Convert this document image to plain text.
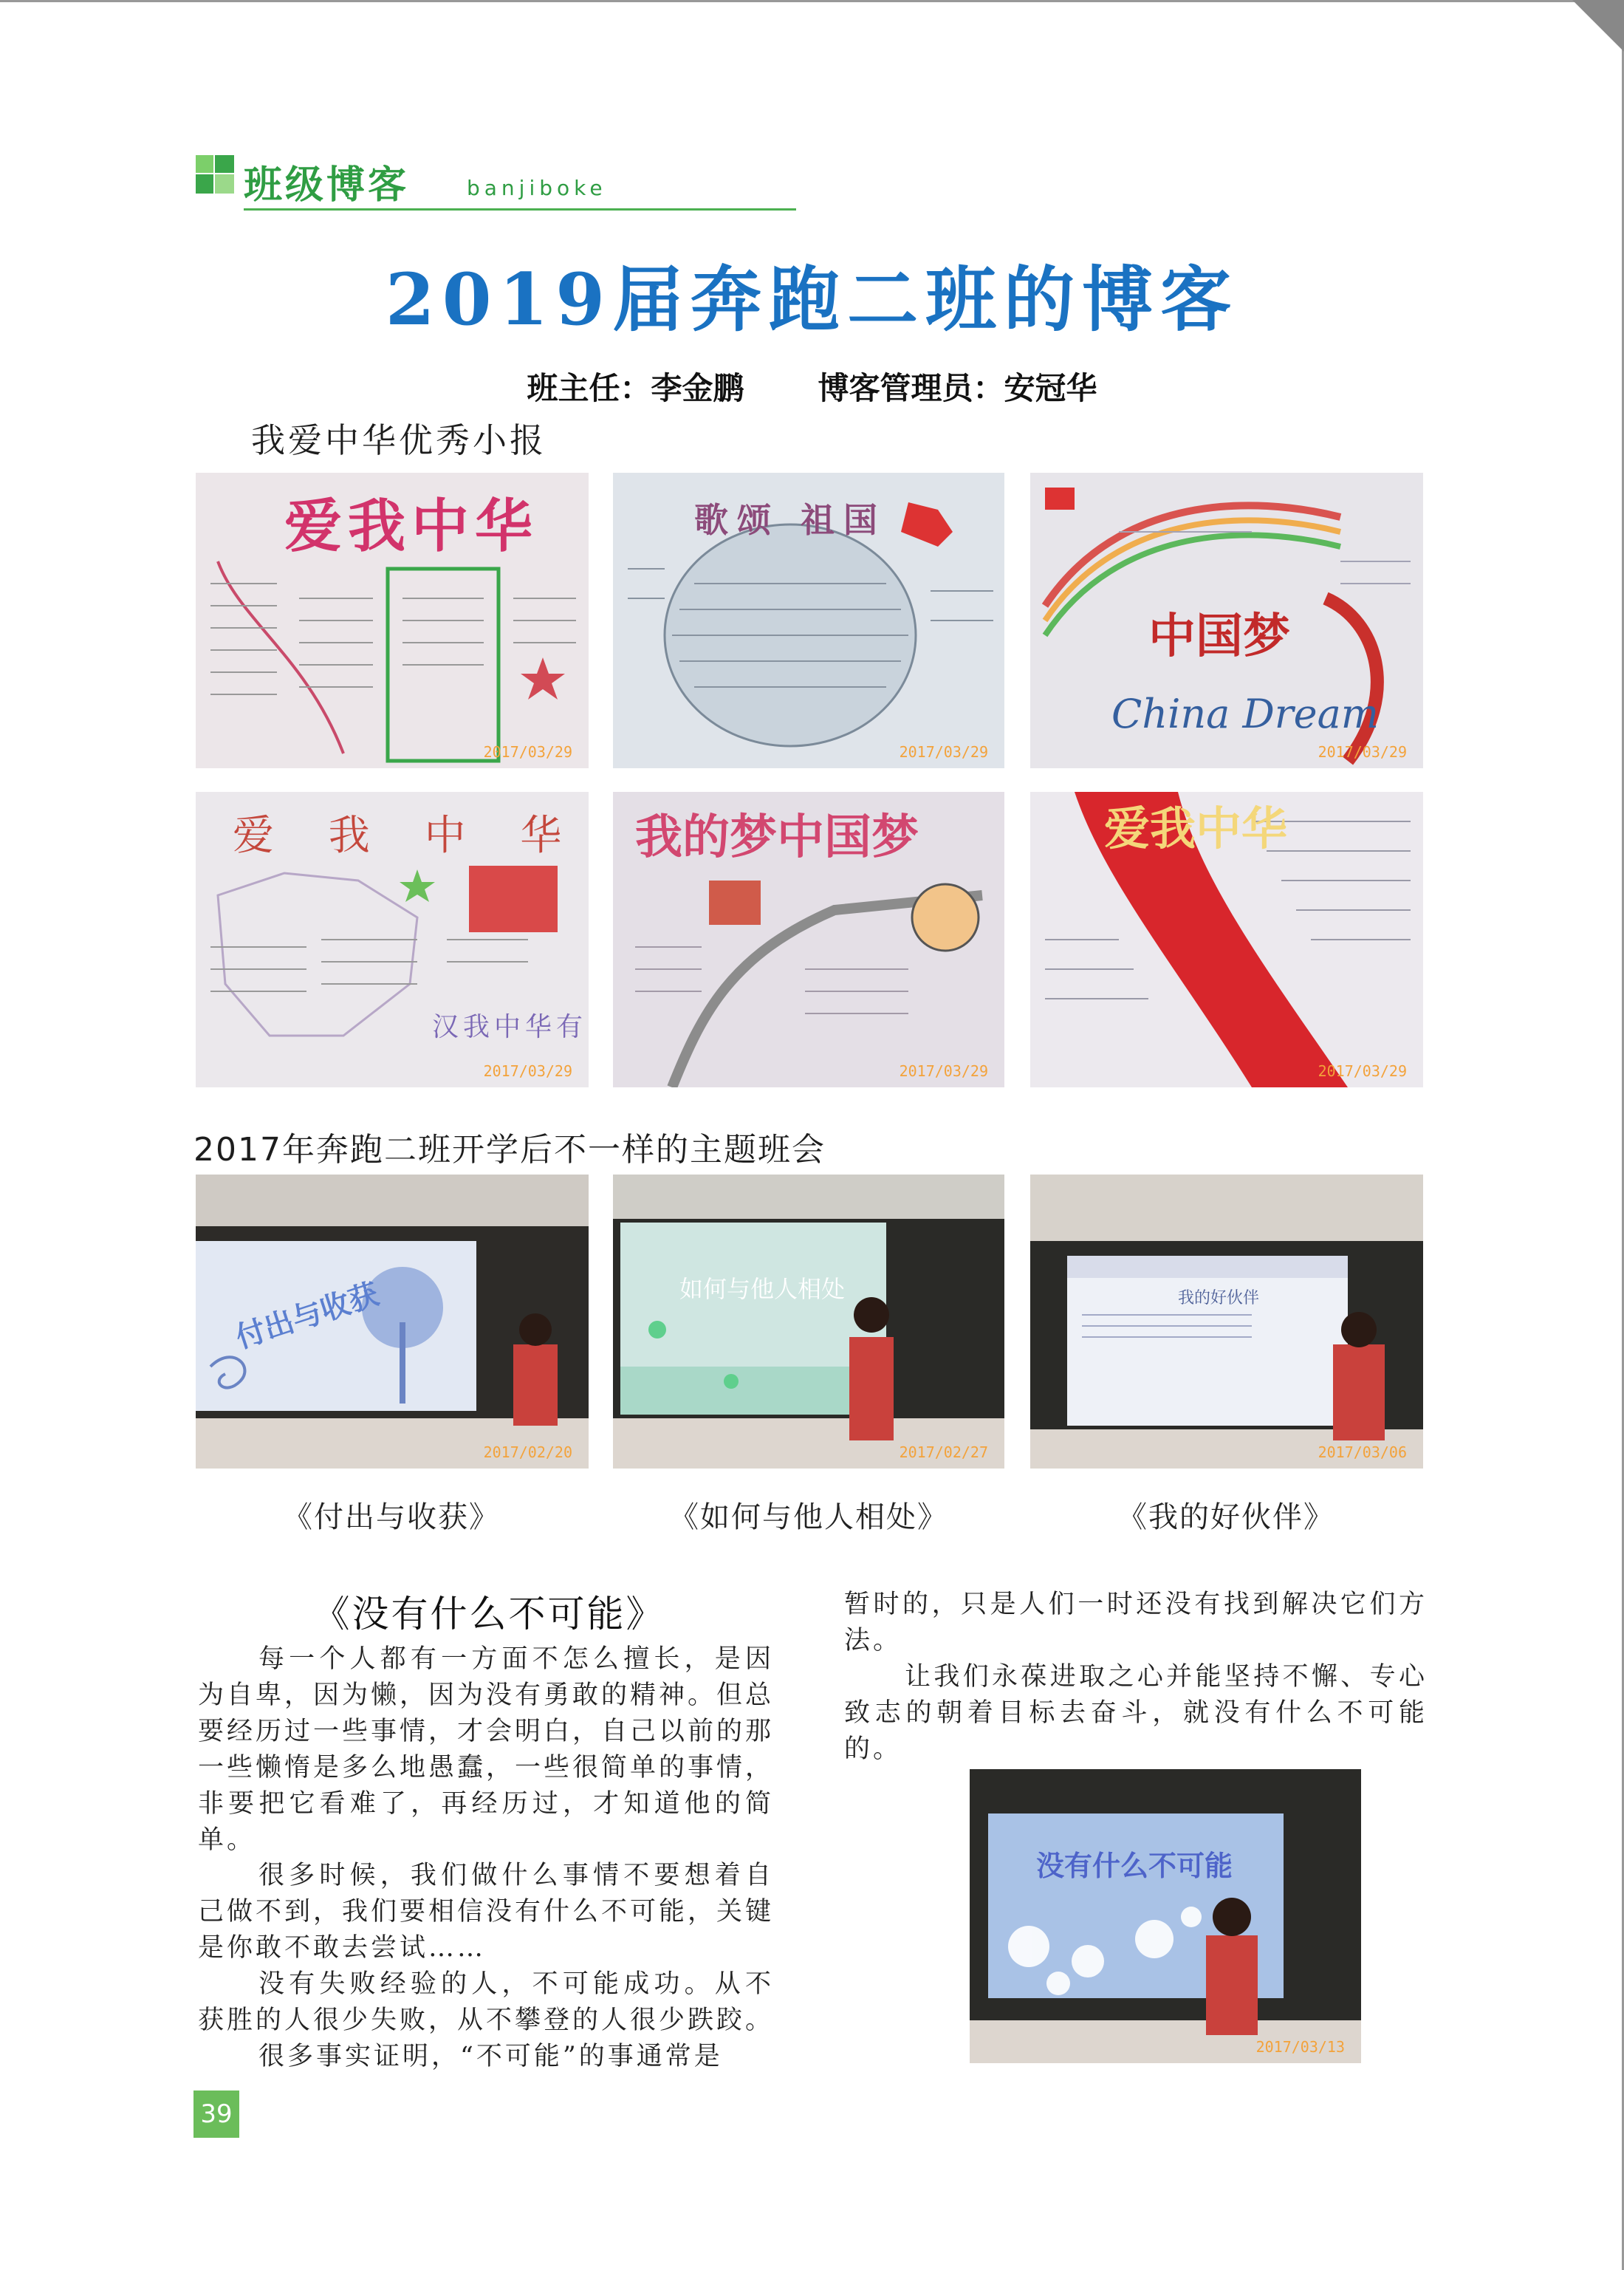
班级博客	banjiboke
2019届奔跑二班的博客
班主任：李金鹏 博客管理员：安冠华
我爱中华优秀小报
爱我中华
2017/03/29
歌颂 祖国
2017/03/29
中国梦
China Dream
2017/03/29
爱 我 中 华
汉我中华有
2017/03/29
我的梦中国梦
2017/03/29
爱我中华
2017/03/29
2017年奔跑二班开学后不一样的主题班会
付出与收获
2017/02/20
如何与他人相处
2017/02/27
我的好伙伴
2017/03/06
《付出与收获》	《如何与他人相处》	《我的好伙伴》
《没有什么不可能》
每一个人都有一方面不怎么擅长，是因为自卑，因为懒，因为没有勇敢的精神。但总要经历过一些事情，才会明白，自己以前的那一些懒惰是多么地愚蠢，一些很简单的事情，非要把它看难了，再经历过，才知道他的简单。
很多时候，我们做什么事情不要想着自己做不到，我们要相信没有什么不可能，关键是你敢不敢去尝试……
没有失败经验的人，不可能成功。从不获胜的人很少失败，从不攀登的人很少跌跤。
很多事实证明，“不可能”的事通常是
暂时的，只是人们一时还没有找到解决它们方法。
让我们永葆进取之心并能坚持不懈、专心致志的朝着目标去奋斗，就没有什么不可能的。
没有什么不可能
2017/03/13
39
